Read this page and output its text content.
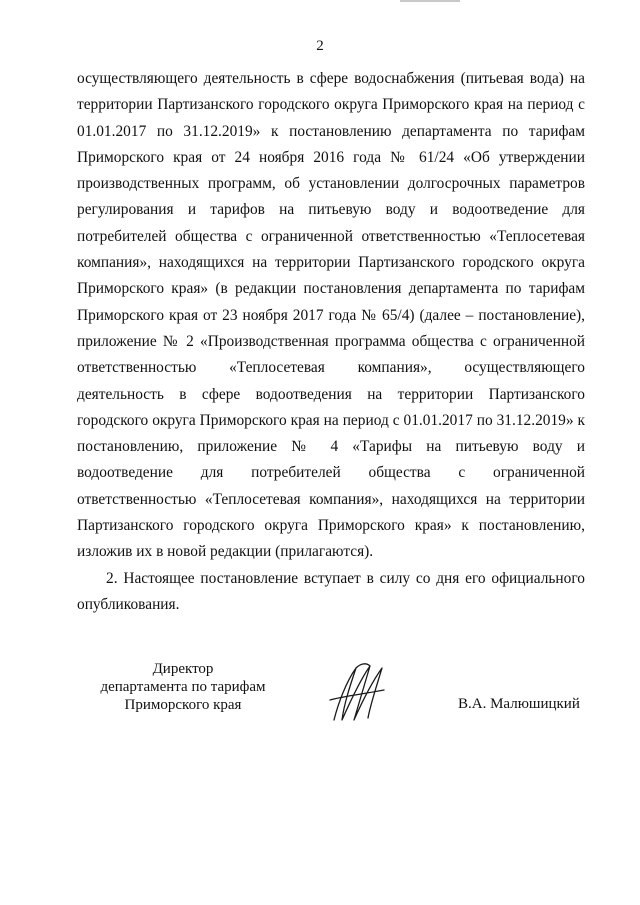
2

осуществляющего деятельность в сфере водоснабжения (питьевая вода) на территории Партизанского городского округа Приморского края на период с 01.01.2017 по 31.12.2019» к постановлению департамента по тарифам Приморского края от 24 ноября 2016 года № 61/24 «Об утверждении производственных программ, об установлении долгосрочных параметров регулирования и тарифов на питьевую воду и водоотведение для потребителей общества с ограниченной ответственностью «Теплосетевая компания», находящихся на территории Партизанского городского округа Приморского края» (в редакции постановления департамента по тарифам Приморского края от 23 ноября 2017 года № 65/4) (далее – постановление), приложение № 2 «Производственная программа общества с ограниченной ответственностью «Теплосетевая компания», осуществляющего деятельность в сфере водоотведения на территории Партизанского городского округа Приморского края на период с 01.01.2017 по 31.12.2019» к постановлению, приложение № 4 «Тарифы на питьевую воду и водоотведение для потребителей общества с ограниченной ответственностью «Теплосетевая компания», находящихся на территории Партизанского городского округа Приморского края» к постановлению, изложив их в новой редакции (прилагаются).

2. Настоящее постановление вступает в силу со дня его официального опубликования.

Директор
департамента по тарифам
Приморского края	В.А. Малюшицкий
